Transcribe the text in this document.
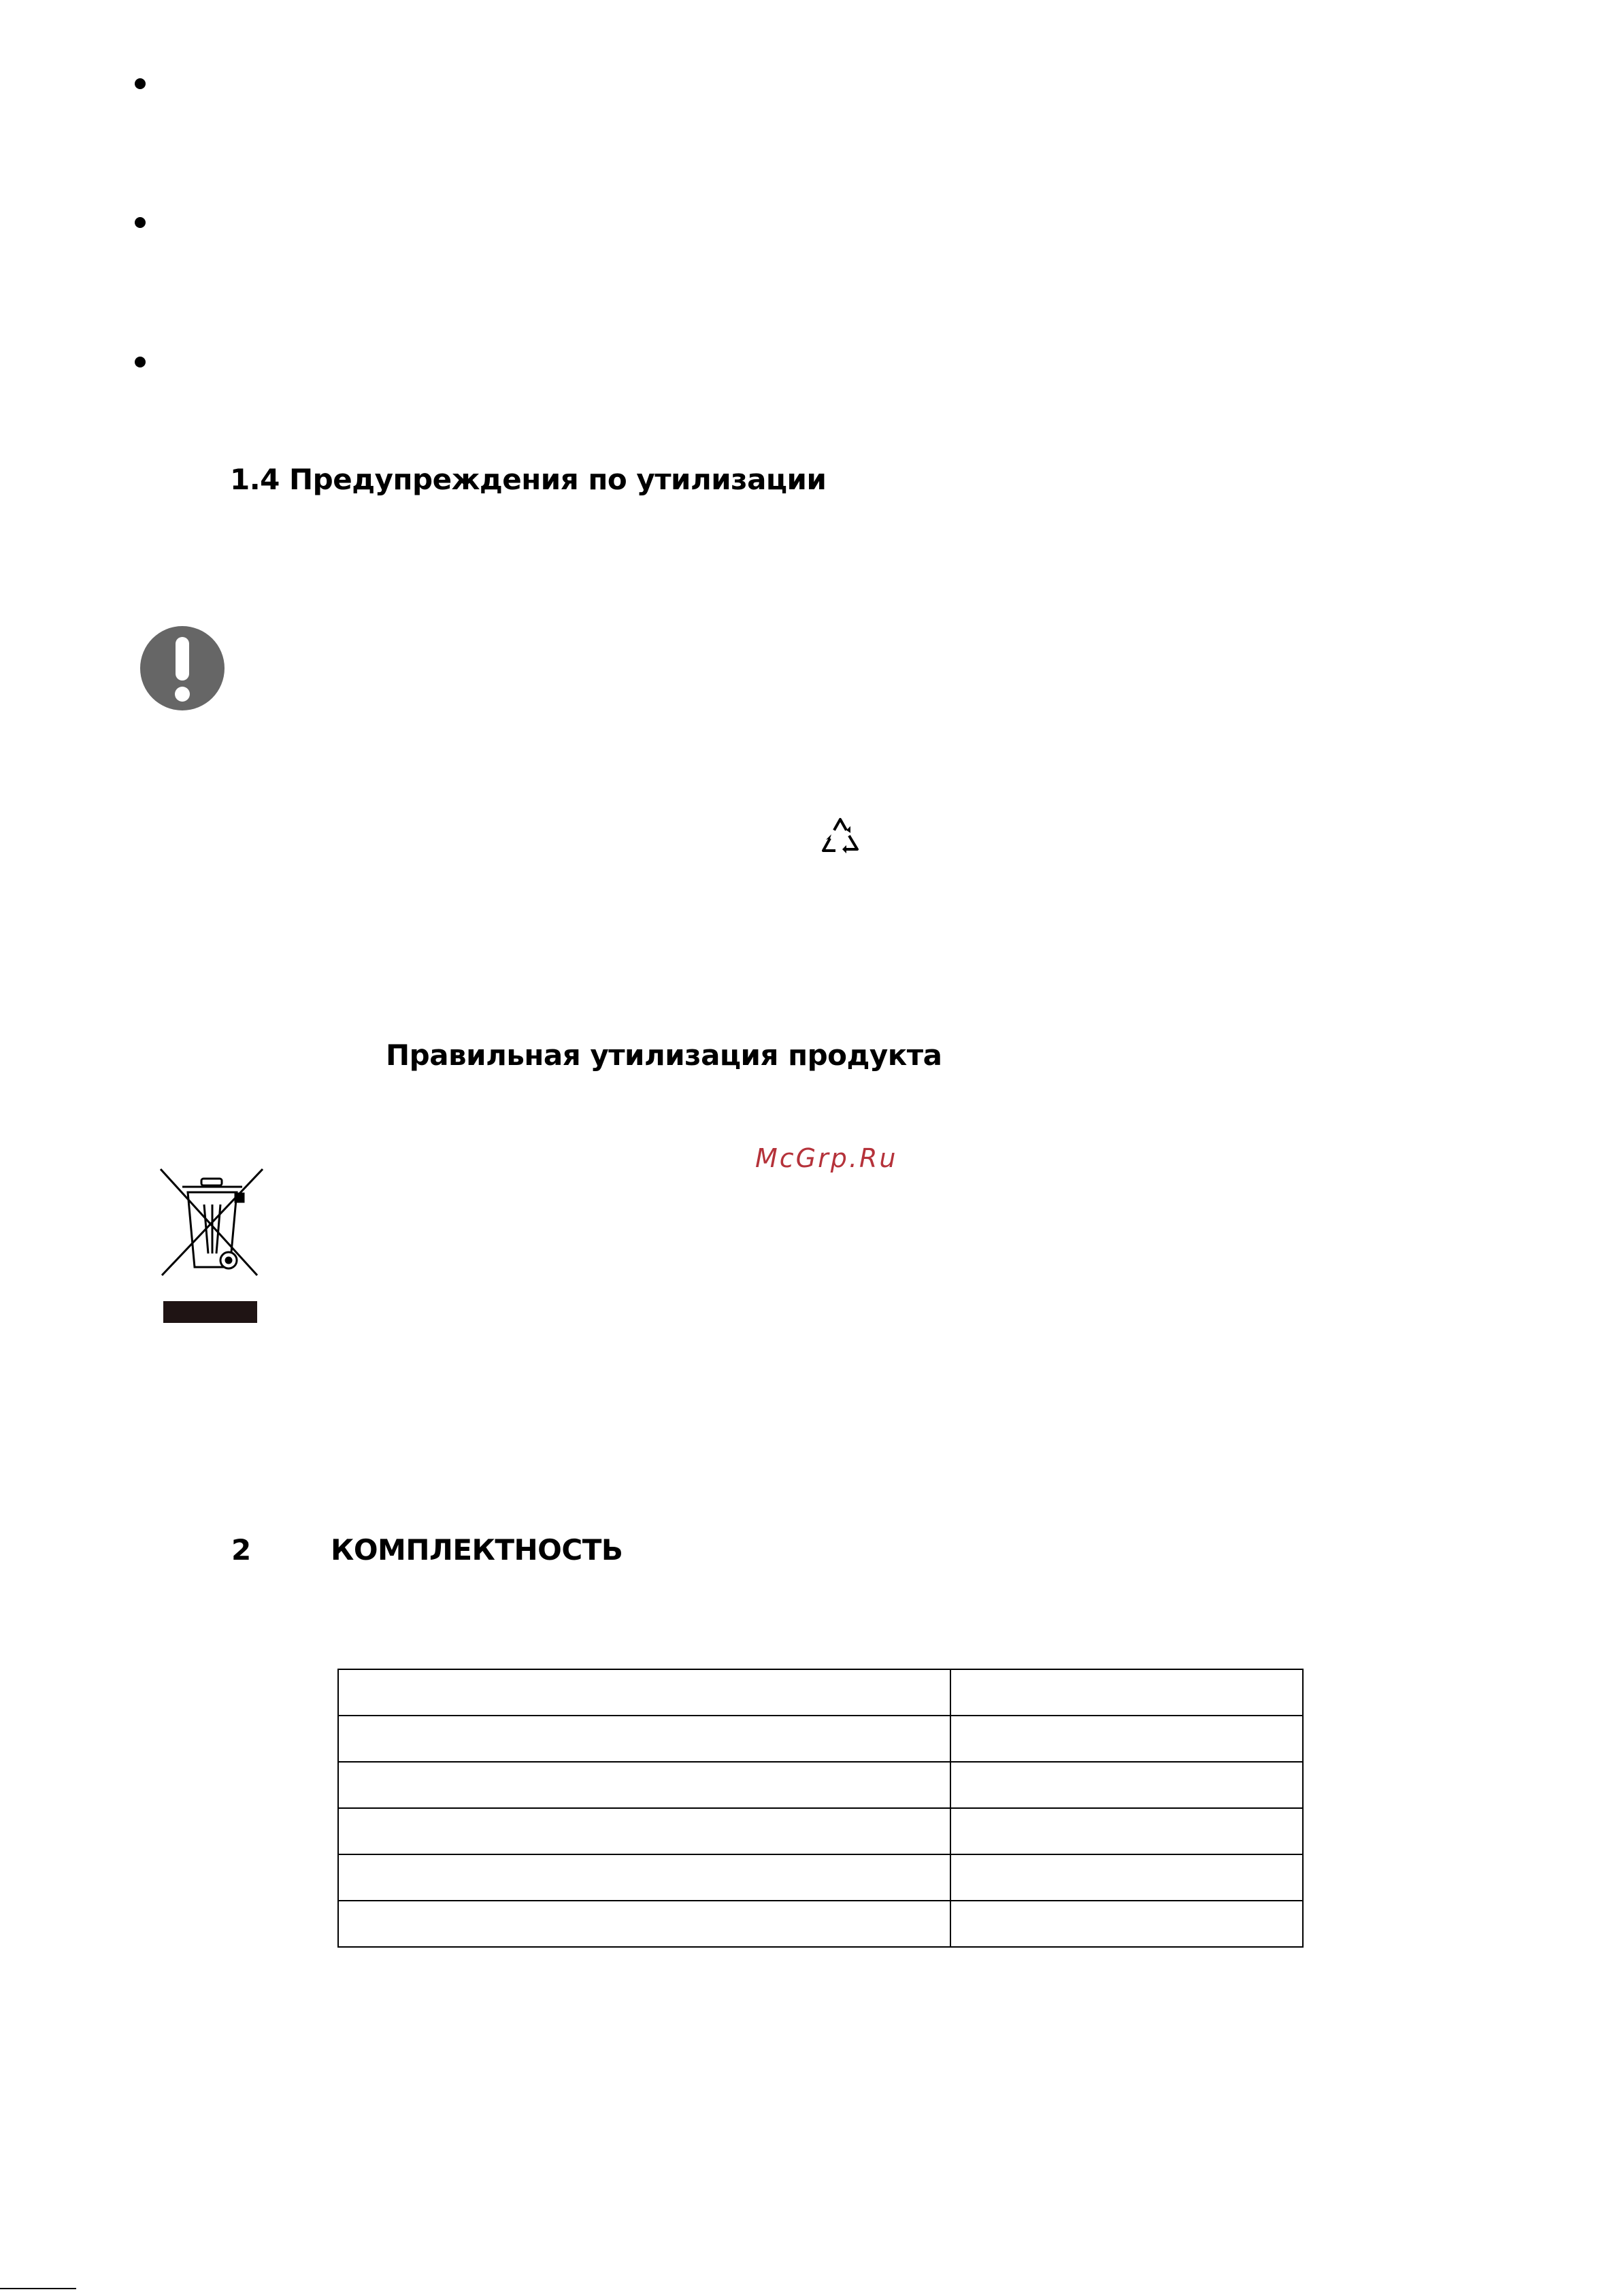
1.4 Предупреждения по утилизации
Правильная утилизация продукта
McGrp.Ru
2	КОМПЛЕКТНОСТЬ
